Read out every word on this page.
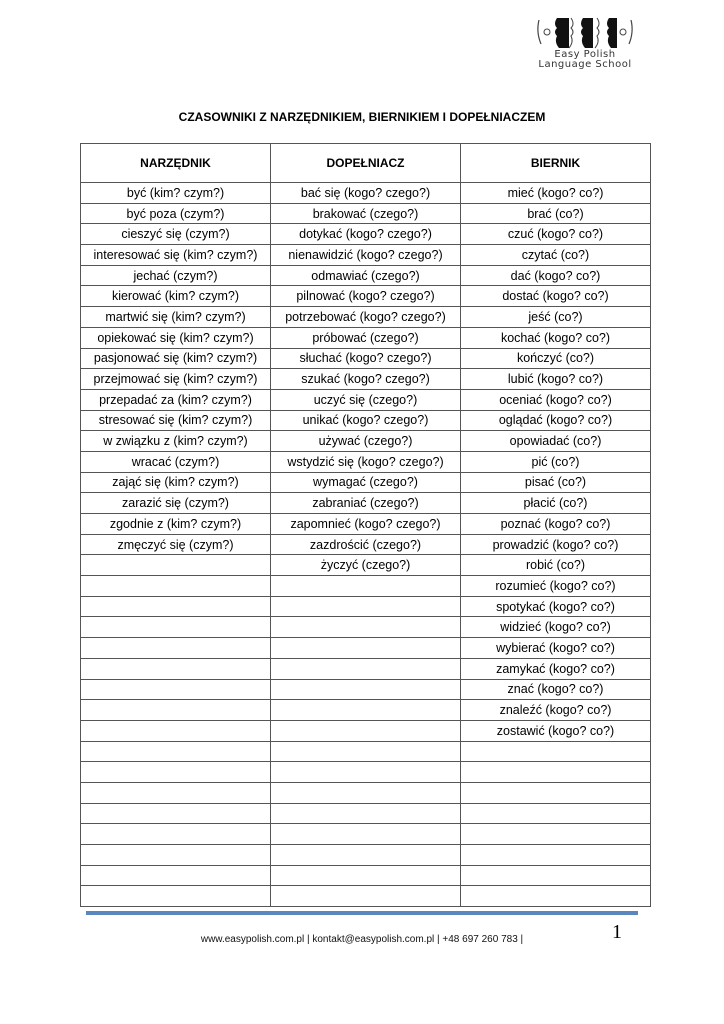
Easy Polish
Language School
CZASOWNIKI Z NARZĘDNIKIEM, BIERNIKIEM I DOPEŁNIACZEM
NARZĘDNIK	DOPEŁNIACZ	BIERNIK
być (kim? czym?)	bać się (kogo? czego?)	mieć (kogo? co?)
być poza (czym?)	brakować (czego?)	brać (co?)
cieszyć się (czym?)	dotykać (kogo? czego?)	czuć (kogo? co?)
interesować się (kim? czym?)	nienawidzić (kogo? czego?)	czytać (co?)
jechać (czym?)	odmawiać (czego?)	dać (kogo? co?)
kierować (kim? czym?)	pilnować (kogo? czego?)	dostać (kogo? co?)
martwić się (kim? czym?)	potrzebować (kogo? czego?)	jeść (co?)
opiekować się (kim? czym?)	próbować (czego?)	kochać (kogo? co?)
pasjonować się (kim? czym?)	słuchać (kogo? czego?)	kończyć (co?)
przejmować się (kim? czym?)	szukać (kogo? czego?)	lubić (kogo? co?)
przepadać za (kim? czym?)	uczyć się (czego?)	oceniać (kogo? co?)
stresować się (kim? czym?)	unikać (kogo? czego?)	oglądać (kogo? co?)
w związku z (kim? czym?)	używać (czego?)	opowiadać (co?)
wracać (czym?)	wstydzić się (kogo? czego?)	pić (co?)
zająć się (kim? czym?)	wymagać (czego?)	pisać (co?)
zarazić się (czym?)	zabraniać (czego?)	płacić (co?)
zgodnie z (kim? czym?)	zapomnieć (kogo? czego?)	poznać (kogo? co?)
zmęczyć się (czym?)	zazdrościć (czego?)	prowadzić (kogo? co?)
	życzyć (czego?)	robić (co?)
		rozumieć (kogo? co?)
		spotykać (kogo? co?)
		widzieć (kogo? co?)
		wybierać (kogo? co?)
		zamykać (kogo? co?)
		znać (kogo? co?)
		znaleźć (kogo? co?)
		zostawić (kogo? co?)

www.easypolish.com.pl | kontakt@easypolish.com.pl | +48 697 260 783 |	1
